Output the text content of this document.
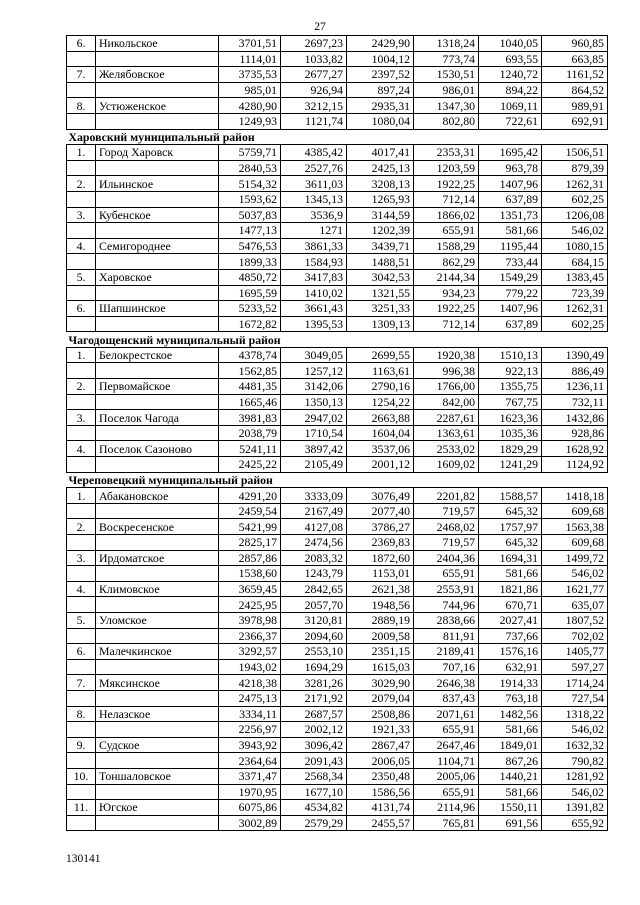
27
6.	Никольское	3701,51	2697,23	2429,90	1318,24	1040,05	960,85
		1114,01	1033,82	1004,12	773,74	693,55	663,85
7.	Желябовское	3735,53	2677,27	2397,52	1530,51	1240,72	1161,52
		985,01	926,94	897,24	986,01	894,22	864,52
8.	Устюженское	4280,90	3212,15	2935,31	1347,30	1069,11	989,91
		1249,93	1121,74	1080,04	802,80	722,61	692,91
Харовский муниципальный район							
1.	Город Харовск	5759,71	4385,42	4017,41	2353,31	1695,42	1506,51
		2840,53	2527,76	2425,13	1203,59	963,78	879,39
2.	Ильинское	5154,32	3611,03	3208,13	1922,25	1407,96	1262,31
		1593,62	1345,13	1265,93	712,14	637,89	602,25
3.	Кубенское	5037,83	3536,9	3144,59	1866,02	1351,73	1206,08
		1477,13	1271	1202,39	655,91	581,66	546,02
4.	Семигороднее	5476,53	3861,33	3439,71	1588,29	1195,44	1080,15
		1899,33	1584,93	1488,51	862,29	733,44	684,15
5.	Харовское	4850,72	3417,83	3042,53	2144,34	1549,29	1383,45
		1695,59	1410,02	1321,55	934,23	779,22	723,39
6.	Шапшинское	5233,52	3661,43	3251,33	1922,25	1407,96	1262,31
		1672,82	1395,53	1309,13	712,14	637,89	602,25
Чагодощенский муниципальный район							
1.	Белокрестское	4378,74	3049,05	2699,55	1920,38	1510,13	1390,49
		1562,85	1257,12	1163,61	996,38	922,13	886,49
2.	Первомайское	4481,35	3142,06	2790,16	1766,00	1355,75	1236,11
		1665,46	1350,13	1254,22	842,00	767,75	732,11
3.	Поселок Чагода	3981,83	2947,02	2663,88	2287,61	1623,36	1432,86
		2038,79	1710,54	1604,04	1363,61	1035,36	928,86
4.	Поселок Сазоново	5241,11	3897,42	3537,06	2533,02	1829,29	1628,92
		2425,22	2105,49	2001,12	1609,02	1241,29	1124,92
Череповецкий муниципальный район							
1.	Абакановское	4291,20	3333,09	3076,49	2201,82	1588,57	1418,18
		2459,54	2167,49	2077,40	719,57	645,32	609,68
2.	Воскресенское	5421,99	4127,08	3786,27	2468,02	1757,97	1563,38
		2825,17	2474,56	2369,83	719,57	645,32	609,68
3.	Ирдоматское	2857,86	2083,32	1872,60	2404,36	1694,31	1499,72
		1538,60	1243,79	1153,01	655,91	581,66	546,02
4.	Климовское	3659,45	2842,65	2621,38	2553,91	1821,86	1621,77
		2425,95	2057,70	1948,56	744,96	670,71	635,07
5.	Уломское	3978,98	3120,81	2889,19	2838,66	2027,41	1807,52
		2366,37	2094,60	2009,58	811,91	737,66	702,02
6.	Малечкинское	3292,57	2553,10	2351,15	2189,41	1576,16	1405,77
		1943,02	1694,29	1615,03	707,16	632,91	597,27
7.	Мяксинское	4218,38	3281,26	3029,90	2646,38	1914,33	1714,24
		2475,13	2171,92	2079,04	837,43	763,18	727,54
8.	Нелазское	3334,11	2687,57	2508,86	2071,61	1482,56	1318,22
		2256,97	2002,12	1921,33	655,91	581,66	546,02
9.	Судское	3943,92	3096,42	2867,47	2647,46	1849,01	1632,32
		2364,64	2091,43	2006,05	1104,71	867,26	790,82
10.	Тоншаловское	3371,47	2568,34	2350,48	2005,06	1440,21	1281,92
		1970,95	1677,10	1586,56	655,91	581,66	546,02
11.	Югское	6075,86	4534,82	4131,74	2114,96	1550,11	1391,82
		3002,89	2579,29	2455,57	765,81	691,56	655,92
130141
